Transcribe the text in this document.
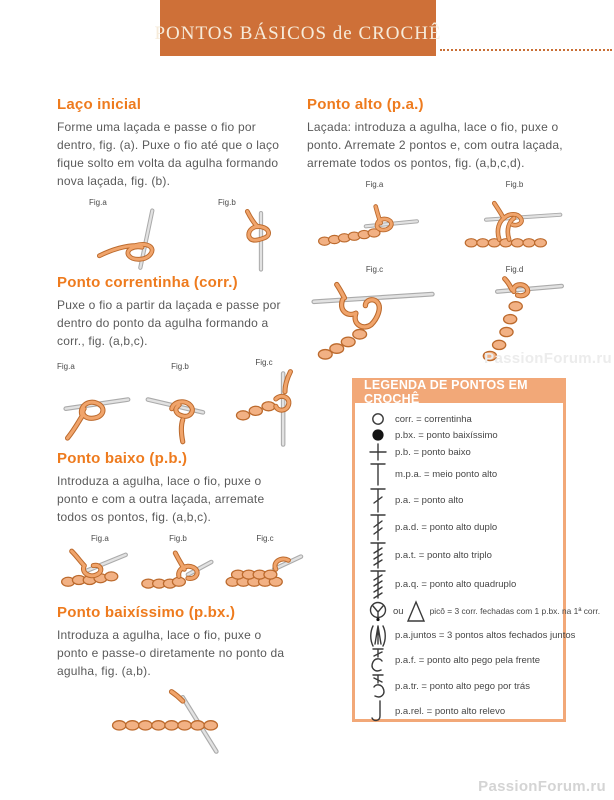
PONTOS BÁSICOS de CROCHÊ
Laço inicial
Forme uma laçada e passe o fio por dentro, fig. (a). Puxe o fio até que o laço fique solto em volta da agulha formando nova laçada, fig. (b).
Fig.a	Fig.b
Ponto correntinha (corr.)
Puxe o fio a partir da laçada e passe por dentro do ponto da agulha formando a corr., fig. (a,b,c).
Fig.a	Fig.b	Fig.c
Ponto baixo (p.b.)
Introduza a agulha, lace o fio, puxe o ponto e com a outra laçada, arremate todos os pontos, fig. (a,b,c).
Fig.a	Fig.b	Fig.c
Ponto baixíssimo (p.bx.)
Introduza a agulha, lace o fio, puxe o ponto e passe-o diretamente no ponto da agulha, fig. (a,b).
Ponto alto (p.a.)
Laçada: introduza a agulha, lace o fio, puxe o ponto. Arremate 2 pontos e, com outra laçada, arremate todos os pontos, fig. (a,b,c,d).
Fig.a	Fig.b
Fig.c	Fig.d
LEGENDA DE PONTOS EM CROCHÊ
corr. = correntinha
p.bx. = ponto baixíssimo
p.b. = ponto baixo
m.p.a. = meio ponto alto
p.a. = ponto alto
p.a.d. = ponto alto duplo
p.a.t. = ponto alto triplo
p.a.q. = ponto alto quadruplo
ou	picô = 3 corr. fechadas com 1 p.bx. na 1ª corr.
p.a.juntos = 3 pontos altos fechados juntos
p.a.f. = ponto alto pego pela frente
p.a.tr. = ponto alto pego por trás
p.a.rel. = ponto alto relevo
PassionForum.ru
PassionForum.ru
